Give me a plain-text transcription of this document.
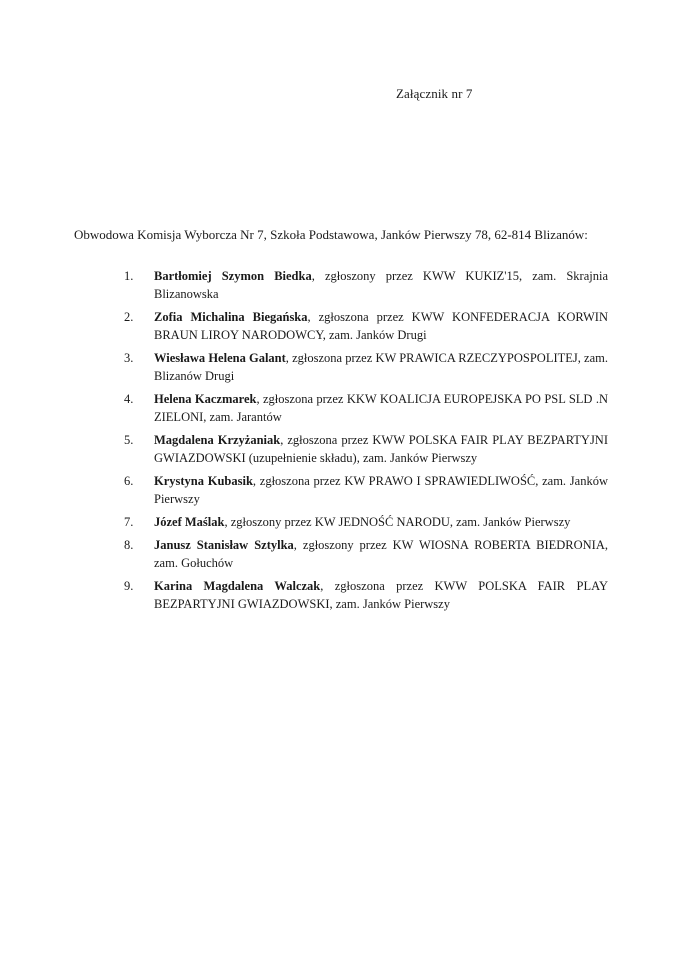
Załącznik nr 7
Obwodowa Komisja Wyborcza Nr 7, Szkoła Podstawowa, Janków Pierwszy 78, 62-814 Blizanów:
1.	Bartłomiej Szymon Biedka, zgłoszony przez KWW KUKIZ'15, zam. Skrajnia Blizanowska
2.	Zofia Michalina Biegańska, zgłoszona przez KWW KONFEDERACJA KORWIN BRAUN LIROY NARODOWCY, zam. Janków Drugi
3.	Wiesława Helena Galant, zgłoszona przez KW PRAWICA RZECZYPOSPOLITEJ, zam. Blizanów Drugi
4.	Helena Kaczmarek, zgłoszona przez KKW KOALICJA EUROPEJSKA PO PSL SLD .N ZIELONI, zam. Jarantów
5.	Magdalena Krzyżaniak, zgłoszona przez KWW POLSKA FAIR PLAY BEZPARTYJNI GWIAZDOWSKI (uzupełnienie składu), zam. Janków Pierwszy
6.	Krystyna Kubasik, zgłoszona przez KW PRAWO I SPRAWIEDLIWOŚĆ, zam. Janków Pierwszy
7.	Józef Maślak, zgłoszony przez KW JEDNOŚĆ NARODU, zam. Janków Pierwszy
8.	Janusz Stanisław Sztylka, zgłoszony przez KW WIOSNA ROBERTA BIEDRONIA, zam. Gołuchów
9.	Karina Magdalena Walczak, zgłoszona przez KWW POLSKA FAIR PLAY BEZPARTYJNI GWIAZDOWSKI, zam. Janków Pierwszy
